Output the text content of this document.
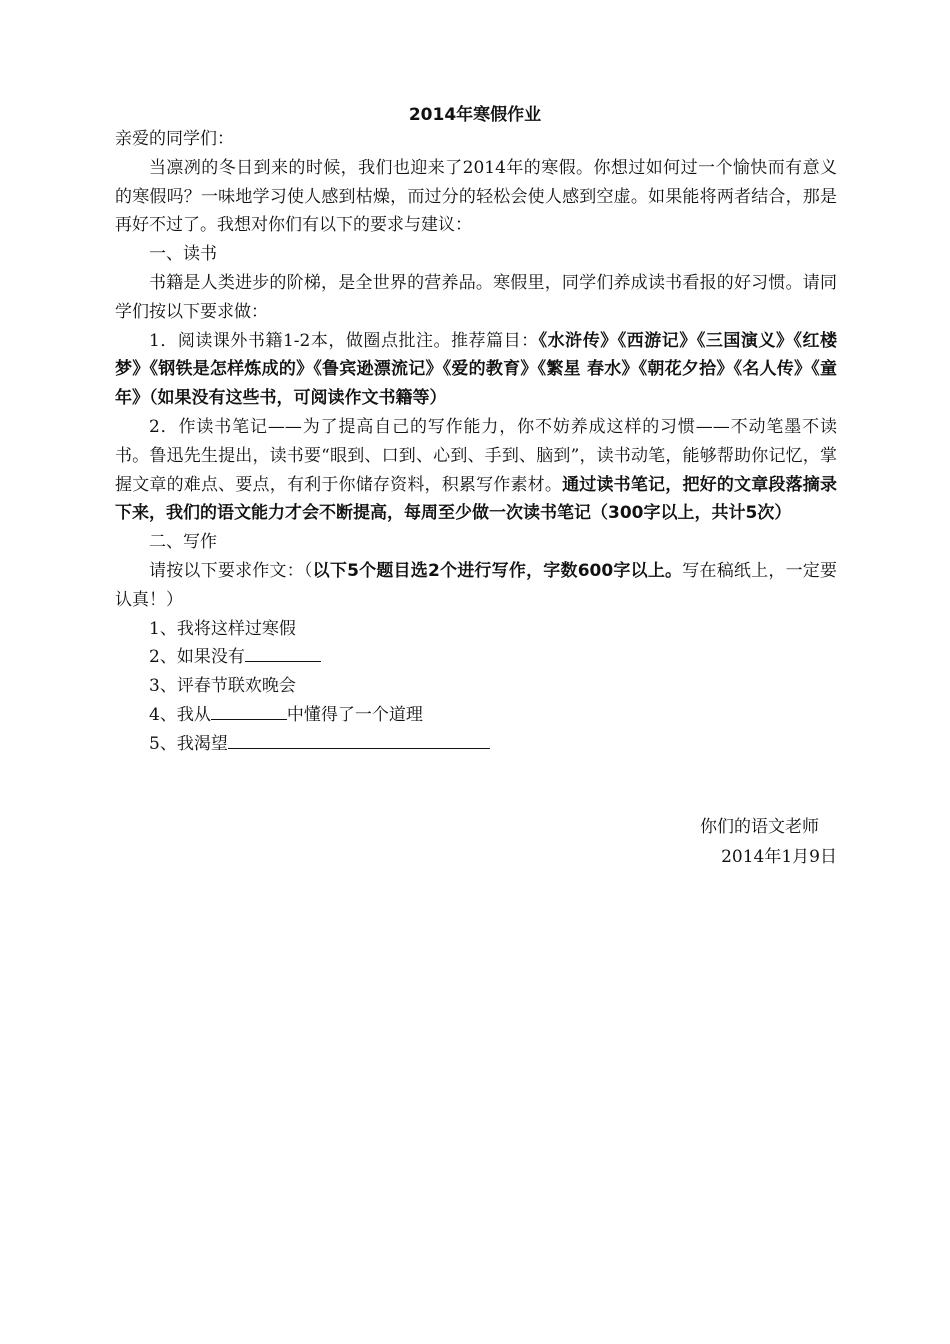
2014年寒假作业

亲爱的同学们：

当凛冽的冬日到来的时候，我们也迎来了2014年的寒假。你想过如何过一个愉快而有意义的寒假吗？一味地学习使人感到枯燥，而过分的轻松会使人感到空虚。如果能将两者结合，那是再好不过了。我想对你们有以下的要求与建议：

一、读书

书籍是人类进步的阶梯，是全世界的营养品。寒假里，同学们养成读书看报的好习惯。请同学们按以下要求做：

1．阅读课外书籍1-2本，做圈点批注。推荐篇目：《水浒传》《西游记》《三国演义》《红楼梦》《钢铁是怎样炼成的》《鲁宾逊漂流记》《爱的教育》《繁星 春水》《朝花夕拾》《名人传》《童年》（如果没有这些书，可阅读作文书籍等）

2．作读书笔记——为了提高自己的写作能力，你不妨养成这样的习惯——不动笔墨不读书。鲁迅先生提出，读书要“眼到、口到、心到、手到、脑到”，读书动笔，能够帮助你记忆，掌握文章的难点、要点，有利于你储存资料，积累写作素材。通过读书笔记，把好的文章段落摘录下来，我们的语文能力才会不断提高，每周至少做一次读书笔记（300字以上，共计5次）

二、写作

请按以下要求作文：（以下5个题目选2个进行写作，字数600字以上。写在稿纸上，一定要认真！）

1、我将这样过寒假

2、如果没有

3、评春节联欢晚会

4、我从	中懂得了一个道理

5、我渴望

你们的语文老师
2014年1月9日
